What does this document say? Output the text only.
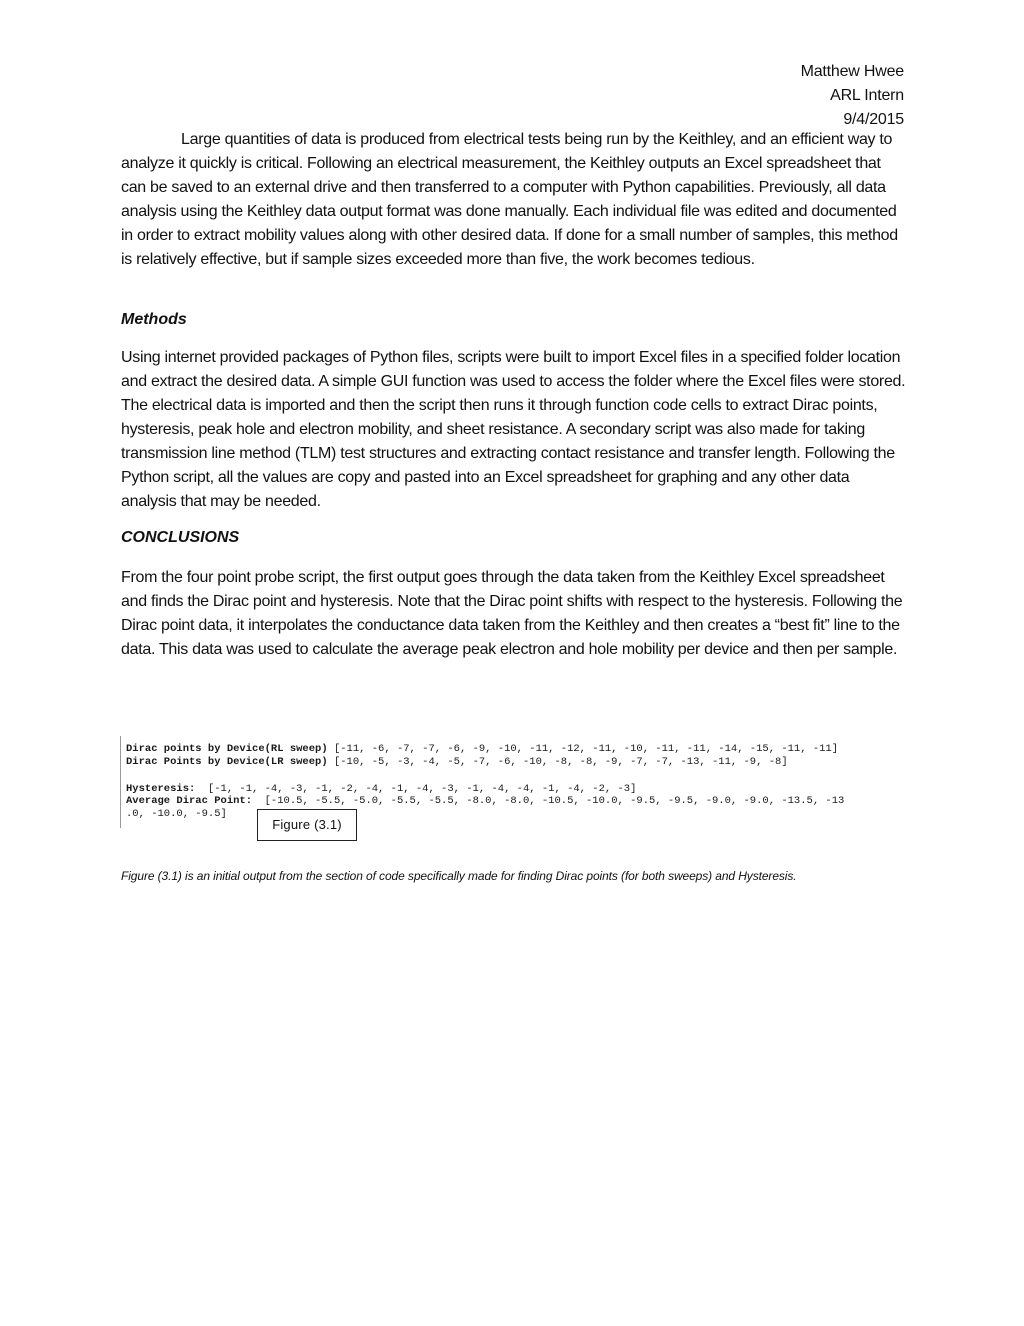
Matthew Hwee
ARL Intern
9/4/2015

Large quantities of data is produced from electrical tests being run by the Keithley, and an efficient way to analyze it quickly is critical. Following an electrical measurement, the Keithley outputs an Excel spreadsheet that can be saved to an external drive and then transferred to a computer with Python capabilities. Previously, all data analysis using the Keithley data output format was done manually. Each individual file was edited and documented in order to extract mobility values along with other desired data. If done for a small number of samples, this method is relatively effective, but if sample sizes exceeded more than five, the work becomes tedious.

Methods

Using internet provided packages of Python files, scripts were built to import Excel files in a specified folder location and extract the desired data. A simple GUI function was used to access the folder where the Excel files were stored. The electrical data is imported and then the script then runs it through function code cells to extract Dirac points, hysteresis, peak hole and electron mobility, and sheet resistance. A secondary script was also made for taking transmission line method (TLM) test structures and extracting contact resistance and transfer length. Following the Python script, all the values are copy and pasted into an Excel spreadsheet for graphing and any other data analysis that may be needed.

CONCLUSIONS

From the four point probe script, the first output goes through the data taken from the Keithley Excel spreadsheet and finds the Dirac point and hysteresis. Note that the Dirac point shifts with respect to the hysteresis. Following the Dirac point data, it interpolates the conductance data taken from the Keithley and then creates a “best fit” line to the data. This data was used to calculate the average peak electron and hole mobility per device and then per sample.

Dirac points by Device(RL sweep) [-11, -6, -7, -7, -6, -9, -10, -11, -12, -11, -10, -11, -11, -14, -15, -11, -11]
Dirac Points by Device(LR sweep) [-10, -5, -3, -4, -5, -7, -6, -10, -8, -8, -9, -7, -7, -13, -11, -9, -8]
Hysteresis:  [-1, -1, -4, -3, -1, -2, -4, -1, -4, -3, -1, -4, -4, -1, -4, -2, -3]
Average Dirac Point:  [-10.5, -5.5, -5.0, -5.5, -5.5, -8.0, -8.0, -10.5, -10.0, -9.5, -9.5, -9.0, -9.0, -13.5, -13
.0, -10.0, -9.5]
Figure (3.1)

Figure (3.1) is an initial output from the section of code specifically made for finding Dirac points (for both sweeps) and Hysteresis.
